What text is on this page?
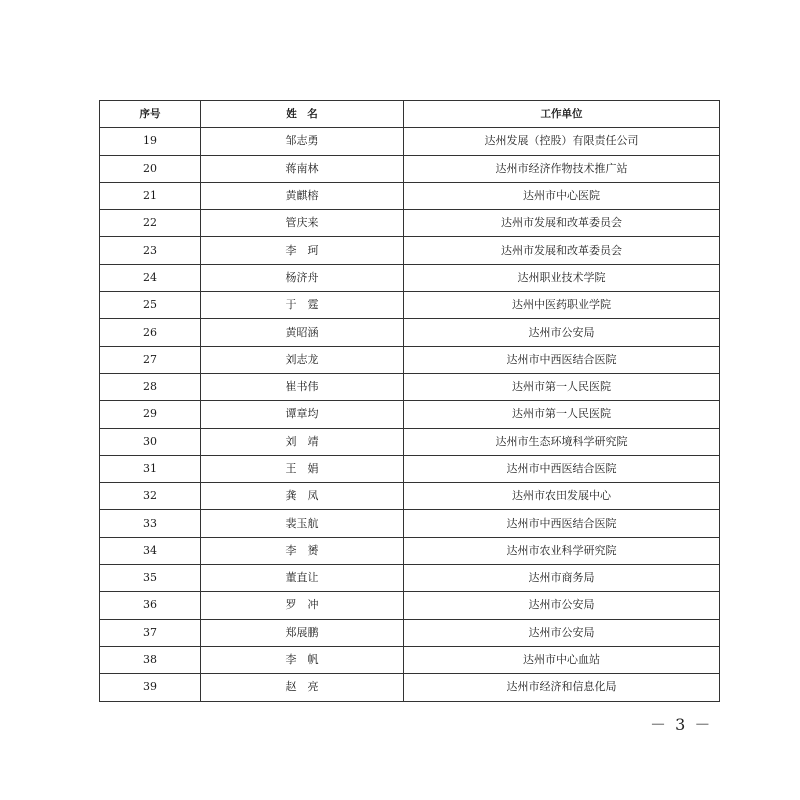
序号	姓　名	工作单位
19	邹志勇	达州发展（控股）有限责任公司
20	蒋南林	达州市经济作物技术推广站
21	黄麒榕	达州市中心医院
22	管庆来	达州市发展和改革委员会
23	李　珂	达州市发展和改革委员会
24	杨济舟	达州职业技术学院
25	于　霆	达州中医药职业学院
26	黄昭涵	达州市公安局
27	刘志龙	达州市中西医结合医院
28	崔书伟	达州市第一人民医院
29	谭章均	达州市第一人民医院
30	刘　靖	达州市生态环境科学研究院
31	王　娟	达州市中西医结合医院
32	龚　凤	达州市农田发展中心
33	裴玉航	达州市中西医结合医院
34	李　赟	达州市农业科学研究院
35	董直让	达州市商务局
36	罗　冲	达州市公安局
37	郑展鹏	达州市公安局
38	李　帆	达州市中心血站
39	赵　亮	达州市经济和信息化局
－ 3 －
